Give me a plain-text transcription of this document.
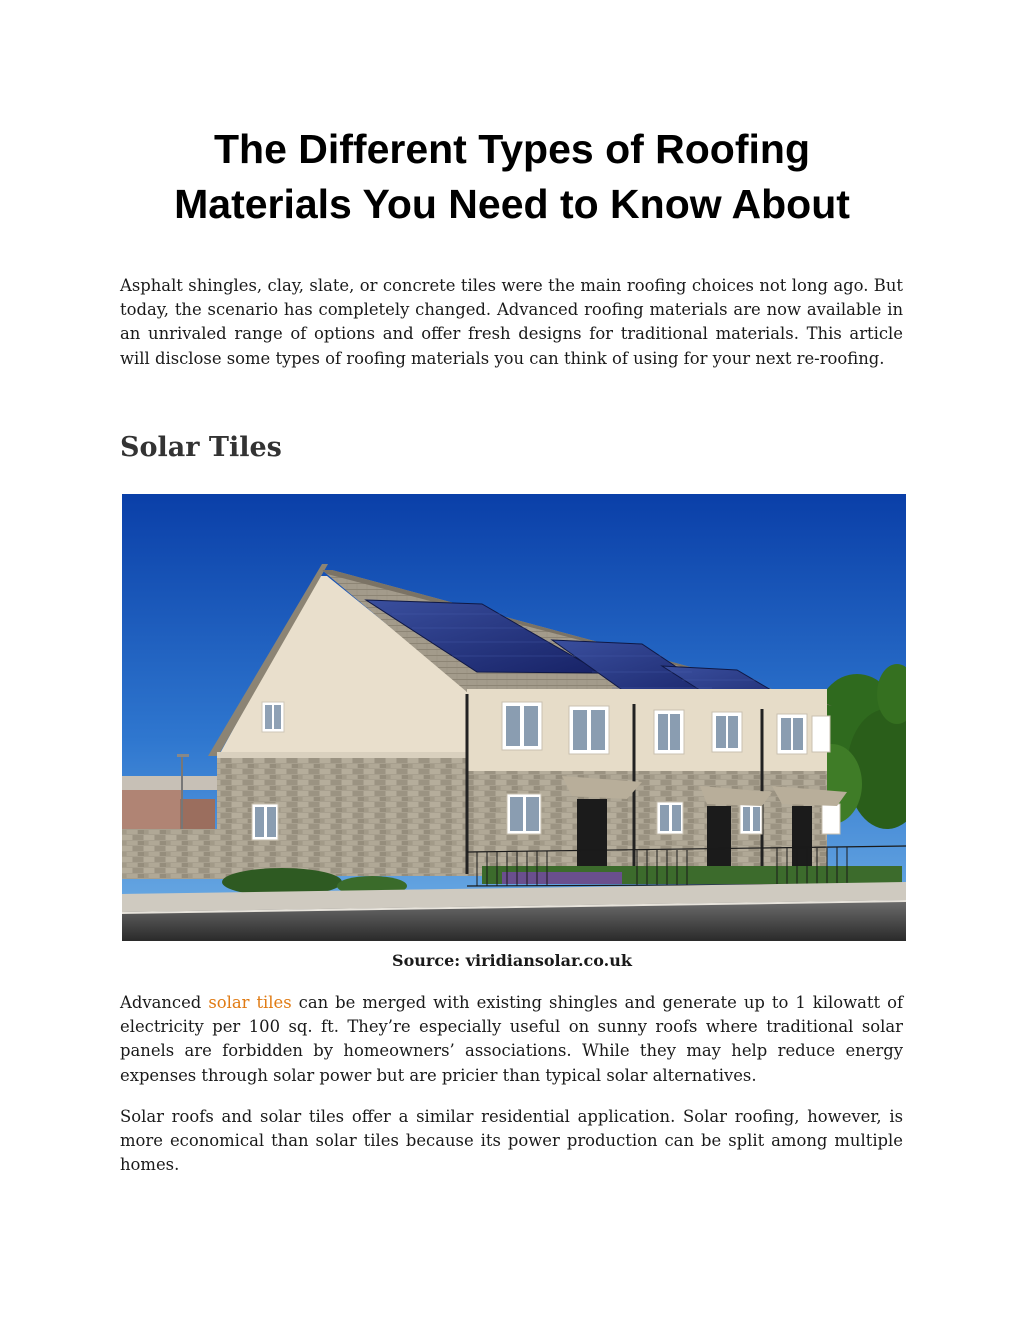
The Different Types of Roofing
Materials You Need to Know About

Asphalt shingles, clay, slate, or concrete tiles were the main roofing choices not long ago. But today, the scenario has completely changed. Advanced roofing materials are now available in an unrivaled range of options and offer fresh designs for traditional materials. This article will disclose some types of roofing materials you can think of using for your next re-roofing.

Solar Tiles

Source: viridiansolar.co.uk

Advanced solar tiles can be merged with existing shingles and generate up to 1 kilowatt of electricity per 100 sq. ft. They’re especially useful on sunny roofs where traditional solar panels are forbidden by homeowners’ associations. While they may help reduce energy expenses through solar power but are pricier than typical solar alternatives.

Solar roofs and solar tiles offer a similar residential application. Solar roofing, however, is more economical than solar tiles because its power production can be split among multiple homes.
